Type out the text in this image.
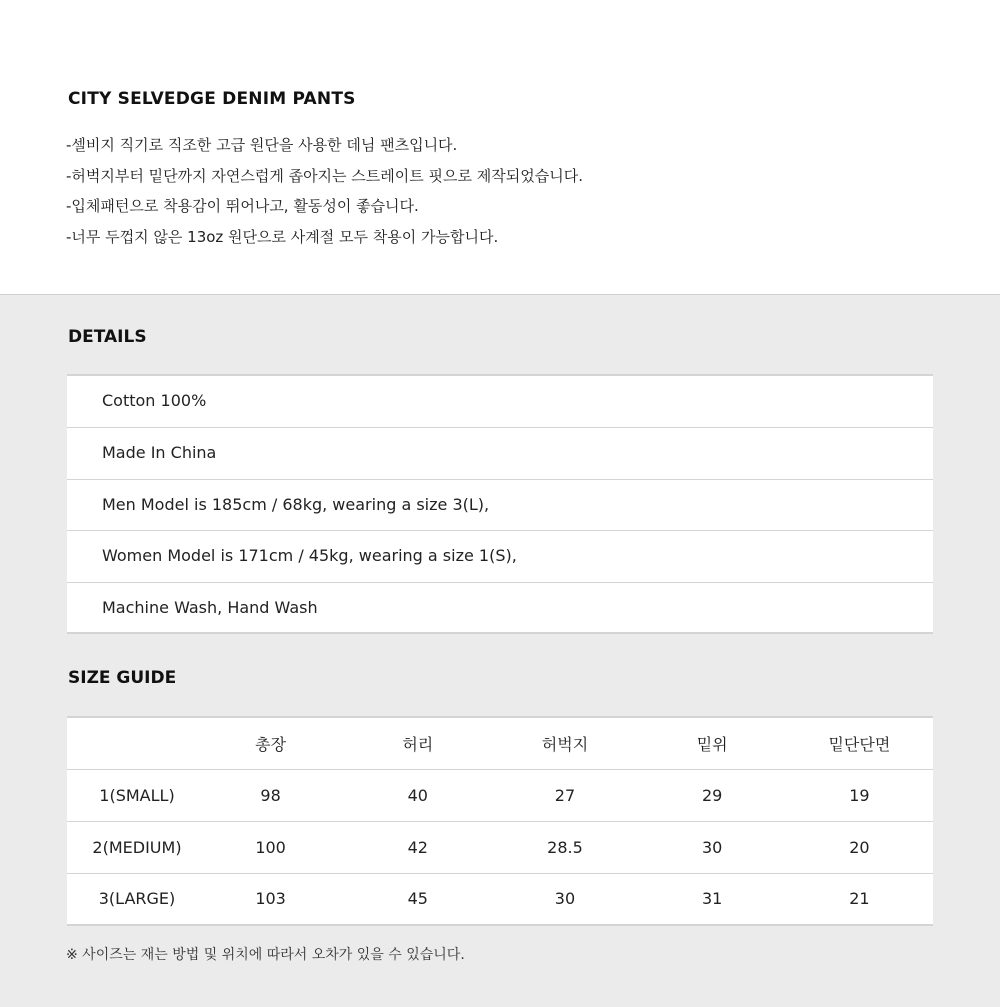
CITY SELVEDGE DENIM PANTS
-셀비지 직기로 직조한 고급 원단을 사용한 데님 팬츠입니다.
-허벅지부터 밑단까지 자연스럽게 좁아지는 스트레이트 핏으로 제작되었습니다.
-입체패턴으로 착용감이 뛰어나고, 활동성이 좋습니다.
-너무 두껍지 않은 13oz 원단으로 사계절 모두 착용이 가능합니다.
DETAILS
Cotton 100%
Made In China
Men Model is 185cm / 68kg, wearing a size 3(L),
Women Model is 171cm / 45kg, wearing a size 1(S),
Machine Wash, Hand Wash
SIZE GUIDE
	총장	허리	허벅지	밑위	밑단단면
1(SMALL)	98	40	27	29	19
2(MEDIUM)	100	42	28.5	30	20
3(LARGE)	103	45	30	31	21
※ 사이즈는 재는 방법 및 위치에 따라서 오차가 있을 수 있습니다.
